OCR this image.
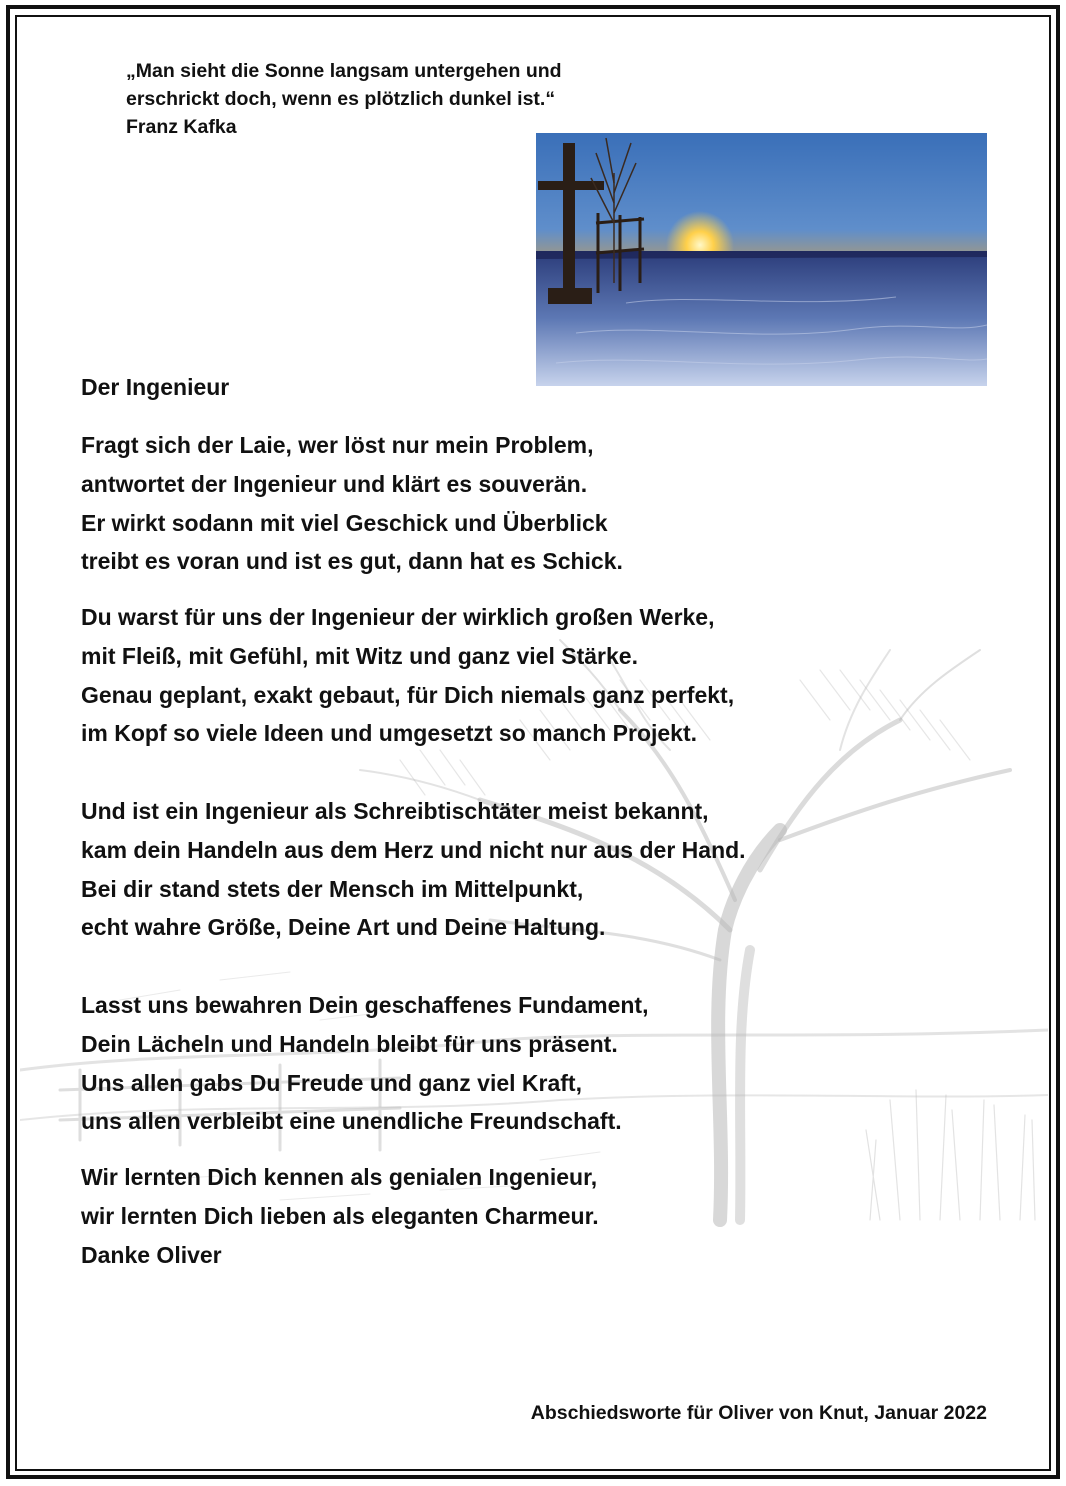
„Man sieht die Sonne langsam untergehen und
erschrickt doch, wenn es plötzlich dunkel ist.“
Franz Kafka
Der Ingenieur
Fragt sich der Laie, wer löst nur mein Problem,
antwortet der Ingenieur und klärt es souverän.
Er wirkt sodann mit viel Geschick und Überblick
treibt es voran und ist es gut, dann hat es Schick.
Du warst für uns der Ingenieur der wirklich großen Werke,
mit Fleiß, mit Gefühl, mit Witz und ganz viel Stärke.
Genau geplant, exakt gebaut, für Dich niemals ganz perfekt,
im Kopf so viele Ideen und umgesetzt so manch Projekt.
Und ist ein Ingenieur als Schreibtischtäter meist bekannt,
kam dein Handeln aus dem Herz und nicht nur aus der Hand.
Bei dir stand stets der Mensch im Mittelpunkt,
echt wahre Größe, Deine Art und Deine Haltung.
Lasst uns bewahren Dein geschaffenes Fundament,
Dein Lächeln und Handeln bleibt für uns präsent.
Uns allen gabs Du Freude und ganz viel Kraft,
uns allen verbleibt eine unendliche Freundschaft.
Wir lernten Dich kennen als genialen Ingenieur,
wir lernten Dich lieben als eleganten Charmeur.
Danke Oliver
Abschiedsworte für Oliver von Knut, Januar 2022
